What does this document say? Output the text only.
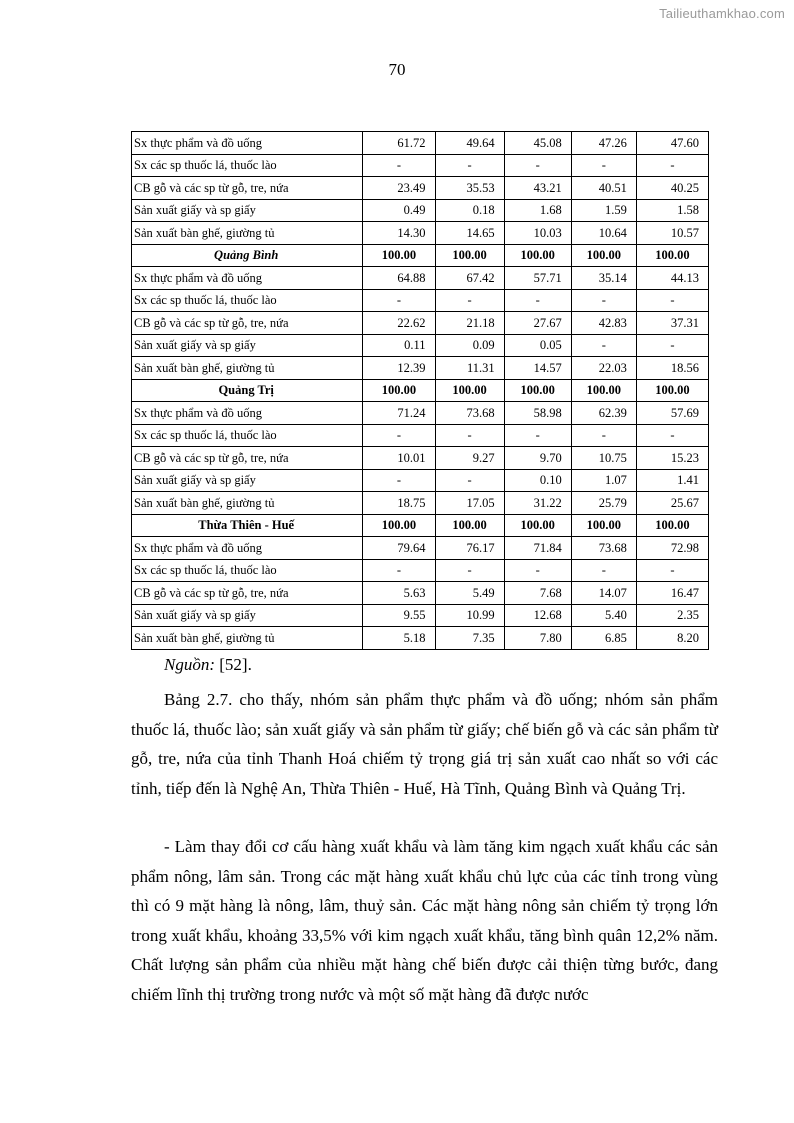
Tailieuthamkhao.com
70
Sx thực phẩm và đồ uống	61.72	49.64	45.08	47.26	47.60
Sx các sp thuốc lá, thuốc lào	-	-	-	-	-
CB gỗ và các sp từ gỗ, tre, nứa	23.49	35.53	43.21	40.51	40.25
Sản xuất giấy và sp giấy	0.49	0.18	1.68	1.59	1.58
Sản xuất bàn ghế, giường tủ	14.30	14.65	10.03	10.64	10.57
Quảng Bình	100.00	100.00	100.00	100.00	100.00
Sx thực phẩm và đồ uống	64.88	67.42	57.71	35.14	44.13
Sx các sp thuốc lá, thuốc lào	-	-	-	-	-
CB gỗ và các sp từ gỗ, tre, nứa	22.62	21.18	27.67	42.83	37.31
Sản xuất giấy và sp giấy	0.11	0.09	0.05	-	-
Sản xuất bàn ghế, giường tủ	12.39	11.31	14.57	22.03	18.56
Quảng Trị	100.00	100.00	100.00	100.00	100.00
Sx thực phẩm và đồ uống	71.24	73.68	58.98	62.39	57.69
Sx các sp thuốc lá, thuốc lào	-	-	-	-	-
CB gỗ và các sp từ gỗ, tre, nứa	10.01	9.27	9.70	10.75	15.23
Sản xuất giấy và sp giấy	-	-	0.10	1.07	1.41
Sản xuất bàn ghế, giường tủ	18.75	17.05	31.22	25.79	25.67
Thừa Thiên - Huế	100.00	100.00	100.00	100.00	100.00
Sx thực phẩm và đồ uống	79.64	76.17	71.84	73.68	72.98
Sx các sp thuốc lá, thuốc lào	-	-	-	-	-
CB gỗ và các sp từ gỗ, tre, nứa	5.63	5.49	7.68	14.07	16.47
Sản xuất giấy và sp giấy	9.55	10.99	12.68	5.40	2.35
Sản xuất bàn ghế, giường tủ	5.18	7.35	7.80	6.85	8.20
Nguồn: [52].

Bảng 2.7. cho thấy, nhóm sản phẩm thực phẩm và đồ uống; nhóm sản phẩm thuốc lá, thuốc lào; sản xuất giấy và sản phẩm từ giấy; chế biến gỗ và các sản phẩm từ gỗ, tre, nứa của tỉnh Thanh Hoá chiếm tỷ trọng giá trị sản xuất cao nhất so với các tỉnh, tiếp đến là Nghệ An, Thừa Thiên - Huế, Hà Tĩnh, Quảng Bình và Quảng Trị.

- Làm thay đổi cơ cấu hàng xuất khẩu và làm tăng kim ngạch xuất khẩu các sản phẩm nông, lâm sản. Trong các mặt hàng xuất khẩu chủ lực của các tỉnh trong vùng thì có 9 mặt hàng là nông, lâm, thuỷ sản. Các mặt hàng nông sản chiếm tỷ trọng lớn trong xuất khẩu, khoảng 33,5% với kim ngạch xuất khẩu, tăng bình quân 12,2% năm. Chất lượng sản phẩm của nhiều mặt hàng chế biến được cải thiện từng bước, đang chiếm lĩnh thị trường trong nước và một số mặt hàng đã được nước
